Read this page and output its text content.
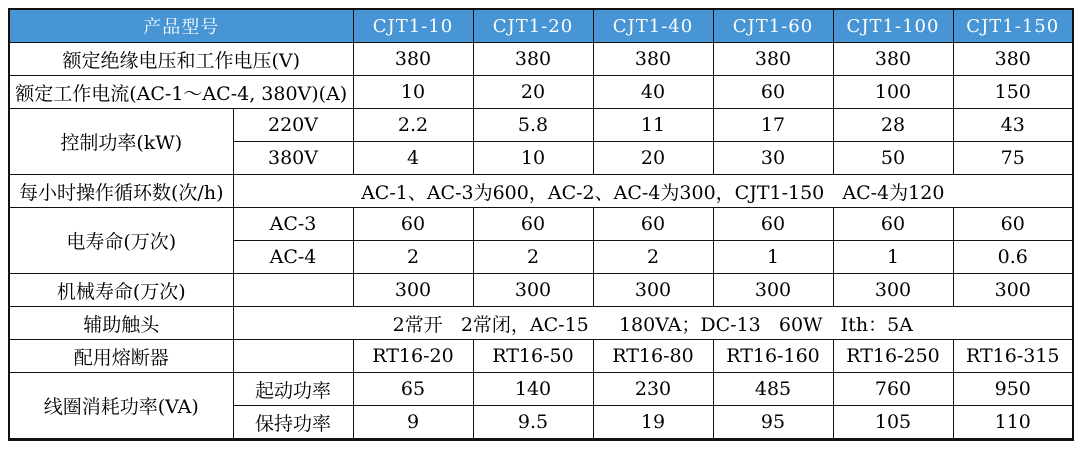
产品型号		CJT1-10	CJT1-20	CJT1-40	CJT1-60	CJT1-100	CJT1-150
额定绝缘电压和工作电压(V)		380	380	380	380	380	380
额定工作电流(AC-1～AC-4, 380V)(A)		10	20	40	60	100	150
控制功率(kW)	220V	2.2	5.8	11	17	28	43
	380V	4	10	20	30	50	75
每小时操作循环数(次/h)	AC-1、AC-3为600，AC-2、AC-4为300，CJT1-150   AC-4为120						
电寿命(万次)	AC-3	60	60	60	60	60	60
	AC-4	2	2	2	1	1	0.6
机械寿命(万次)		300	300	300	300	300	300
辅助触头	2常开   2常闭，AC-15     180VA；DC-13   60W   Ith：5A						
配用熔断器		RT16-20	RT16-50	RT16-80	RT16-160	RT16-250	RT16-315
线圈消耗功率(VA)	起动功率	65	140	230	485	760	950
	保持功率	9	9.5	19	95	105	110
